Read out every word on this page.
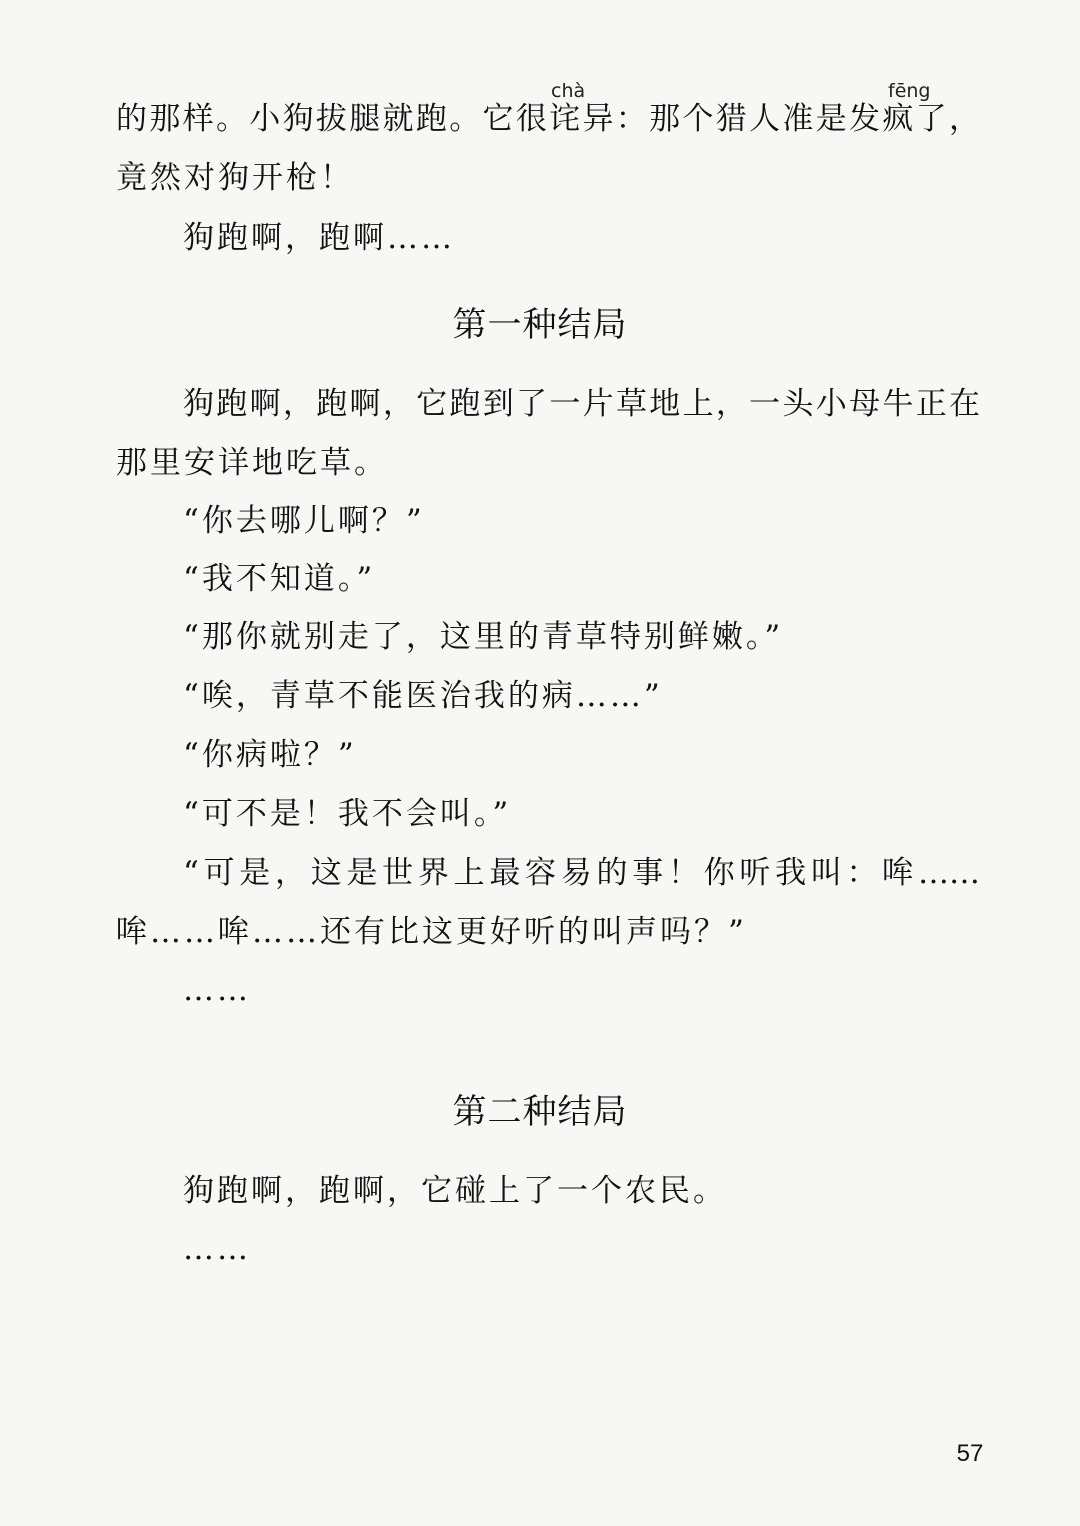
chà	fēng
的那样。小狗拔腿就跑。它很诧异：那个猎人准是发疯了，
竟然对狗开枪！
狗跑啊，跑啊……
第一种结局
狗跑啊，跑啊，它跑到了一片草地上，一头小母牛正在
那里安详地吃草。
“你去哪儿啊？”
“我不知道。”
“那你就别走了，这里的青草特别鲜嫩。”
“唉，青草不能医治我的病……”
“你病啦？”
“可不是！我不会叫。”
“可是，这是世界上最容易的事！你听我叫：哞……
哞……哞……还有比这更好听的叫声吗？”
……
第二种结局
狗跑啊，跑啊，它碰上了一个农民。
……
57
